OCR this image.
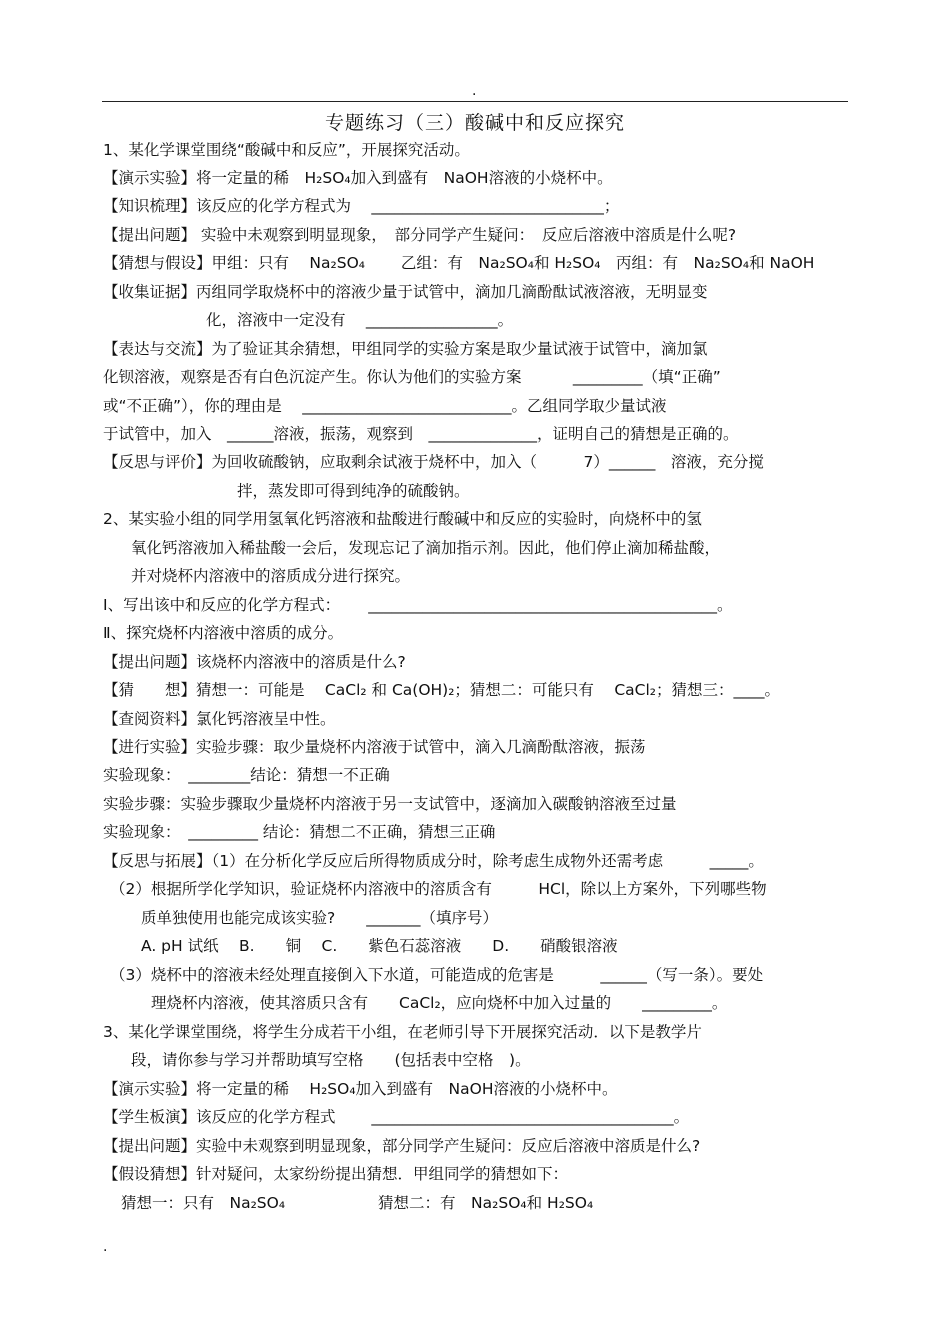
.
专题练习（三）酸碱中和反应探究
1、某化学课堂围绕“酸碱中和反应”，开展探究活动。
【演示实验】将一定量的稀　H₂SO₄加入到盛有　NaOH溶液的小烧杯中。
【知识梳理】该反应的化学方程式为　 ______________________________；
【提出问题】 实验中未观察到明显现象，　部分同学产生疑问：　反应后溶液中溶质是什么呢?
【猜想与假设】甲组：只有　 Na₂SO₄　　 乙组：有　Na₂SO₄和 H₂SO₄　丙组：有　Na₂SO₄和 NaOH
【收集证据】丙组同学取烧杯中的溶液少量于试管中，滴加几滴酚酞试液溶液，无明显变
化，溶液中一定没有　 _________________。
【表达与交流】为了验证其余猜想，甲组同学的实验方案是取少量试液于试管中，滴加氯
化钡溶液，观察是否有白色沉淀产生。你认为他们的实验方案　　　 _________（填“正确”
或“不正确”），你的理由是　 ___________________________。乙组同学取少量试液
于试管中，加入　______溶液，振荡，观察到　______________，证明自己的猜想是正确的。
【反思与评价】为回收硫酸钠，应取剩余试液于烧杯中，加入（　　　7）______　溶液，充分搅
拌，蒸发即可得到纯净的硫酸钠。
2、某实验小组的同学用氢氧化钙溶液和盐酸进行酸碱中和反应的实验时，向烧杯中的氢
氧化钙溶液加入稀盐酸一会后，发现忘记了滴加指示剂。因此，他们停止滴加稀盐酸，
并对烧杯内溶液中的溶质成分进行探究。
Ⅰ、写出该中和反应的化学方程式：　　 _____________________________________________。
Ⅱ、探究烧杯内溶液中溶质的成分。
【提出问题】该烧杯内溶液中的溶质是什么?
【猜　　想】猜想一：可能是　 CaCl₂ 和 Ca(OH)₂；猜想二：可能只有　 CaCl₂；猜想三：____。
【查阅资料】氯化钙溶液呈中性。
【进行实验】实验步骤：取少量烧杯内溶液于试管中，滴入几滴酚酞溶液，振荡
实验现象：　________结论：猜想一不正确
实验步骤：实验步骤取少量烧杯内溶液于另一支试管中，逐滴加入碳酸钠溶液至过量
实验现象：　_________ 结论：猜想二不正确，猜想三正确
【反思与拓展】（1）在分析化学反应后所得物质成分时，除考虑生成物外还需考虑　　　_____。
（2）根据所学化学知识，验证烧杯内溶液中的溶质含有　　　HCl，除以上方案外，下列哪些物
质单独使用也能完成该实验?　　_______（填序号）
A. pH 试纸　 B.　　铜　 C.　　紫色石蕊溶液　　D.　　硝酸银溶液
（3）烧杯中的溶液未经处理直接倒入下水道，可能造成的危害是　　　______（写一条）。要处
理烧杯内溶液，使其溶质只含有　　CaCl₂，应向烧杯中加入过量的　　_________。
3、某化学课堂围绕，将学生分成若干小组，在老师引导下开展探究活动．以下是教学片
段，请你参与学习并帮助填写空格　　(包括表中空格　)。
【演示实验】将一定量的稀　 H₂SO₄加入到盛有　NaOH溶液的小烧杯中。
【学生板演】该反应的化学方程式　　 _______________________________________。
【提出问题】实验中未观察到明显现象，部分同学产生疑问：反应后溶液中溶质是什么?
【假设猜想】针对疑问，太家纷纷提出猜想．甲组同学的猜想如下：
猜想一：只有　Na₂SO₄　　　　　　猜想二：有　Na₂SO₄和 H₂SO₄
.
